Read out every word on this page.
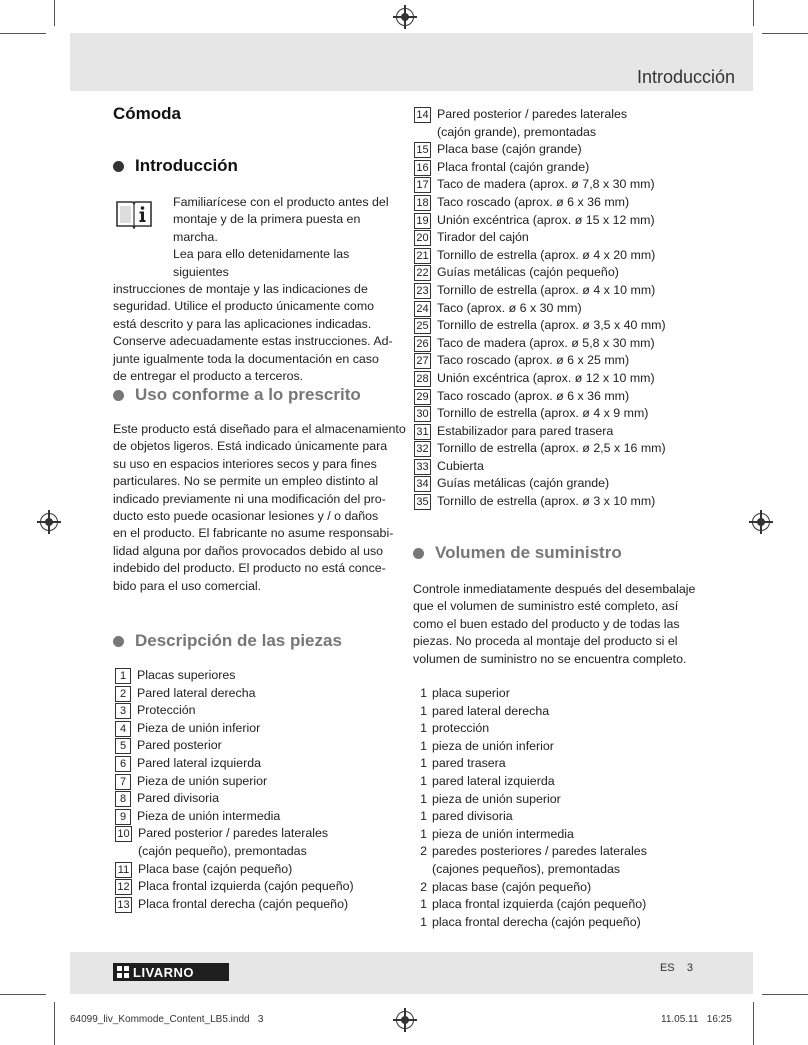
Introducción
Cómoda
Introducción

Familiarícese con el producto antes del

montaje y de la primera puesta en marcha.

Lea para ello detenidamente las siguientes

instrucciones de montaje y las indicaciones de

seguridad. Utilice el producto únicamente como

está descrito y para las aplicaciones indicadas.

Conserve adecuadamente estas instrucciones. Ad-

junte igualmente toda la documentación en caso

de entregar el producto a terceros.

Uso conforme a lo prescrito

Este producto está diseñado para el almacenamiento

de objetos ligeros. Está indicado únicamente para

su uso en espacios interiores secos y para fines

particulares. No se permite un empleo distinto al

indicado previamente ni una modificación del pro-

ducto esto puede ocasionar lesiones y / o daños

en el producto. El fabricante no asume responsabi-

lidad alguna por daños provocados debido al uso

indebido del producto. El producto no está conce-

bido para el uso comercial.

Descripción de las piezas
1 Placas superiores
2 Pared lateral derecha
3 Protección
4 Pieza de unión inferior
5 Pared posterior
6 Pared lateral izquierda
7 Pieza de unión superior
8 Pared divisoria
9 Pieza de unión intermedia
10 Pared posterior / paredes laterales
(cajón pequeño), premontadas
11 Placa base (cajón pequeño)
12 Placa frontal izquierda (cajón pequeño)
13 Placa frontal derecha (cajón pequeño)
14 Pared posterior / paredes laterales
(cajón grande), premontadas
15 Placa base (cajón grande)
16 Placa frontal (cajón grande)
17 Taco de madera (aprox. ø 7,8 x 30 mm)
18 Taco roscado (aprox. ø 6 x 36 mm)
19 Unión excéntrica (aprox. ø 15 x 12 mm)
20 Tirador del cajón
21 Tornillo de estrella (aprox. ø 4 x 20 mm)
22 Guías metálicas (cajón pequeño)
23 Tornillo de estrella (aprox. ø 4 x 10 mm)
24 Taco (aprox. ø 6 x 30 mm)
25 Tornillo de estrella (aprox. ø 3,5 x 40 mm)
26 Taco de madera (aprox. ø 5,8 x 30 mm)
27 Taco roscado (aprox. ø 6 x 25 mm)
28 Unión excéntrica (aprox. ø 12 x 10 mm)
29 Taco roscado (aprox. ø 6 x 36 mm)
30 Tornillo de estrella (aprox. ø 4 x 9 mm)
31 Estabilizador para pared trasera
32 Tornillo de estrella (aprox. ø 2,5 x 16 mm)
33 Cubierta
34 Guías metálicas (cajón grande)
35 Tornillo de estrella (aprox. ø 3 x 10 mm)
Volumen de suministro

Controle inmediatamente después del desembalaje

que el volumen de suministro esté completo, así

como el buen estado del producto y de todas las

piezas. No proceda al montaje del producto si el

volumen de suministro no se encuentra completo.

1 placa superior
1 pared lateral derecha
1 protección
1 pieza de unión inferior
1 pared trasera
1 pared lateral izquierda
1 pieza de unión superior
1 pared divisoria
1 pieza de unión intermedia
2 paredes posteriores / paredes laterales
(cajones pequeños), premontadas
2 placas base (cajón pequeño)
1 placa frontal izquierda (cajón pequeño)
1 placa frontal derecha (cajón pequeño)
ES    3
LIVARNO
64099_liv_Kommode_Content_LB5.indd   3	11.05.11   16:25
